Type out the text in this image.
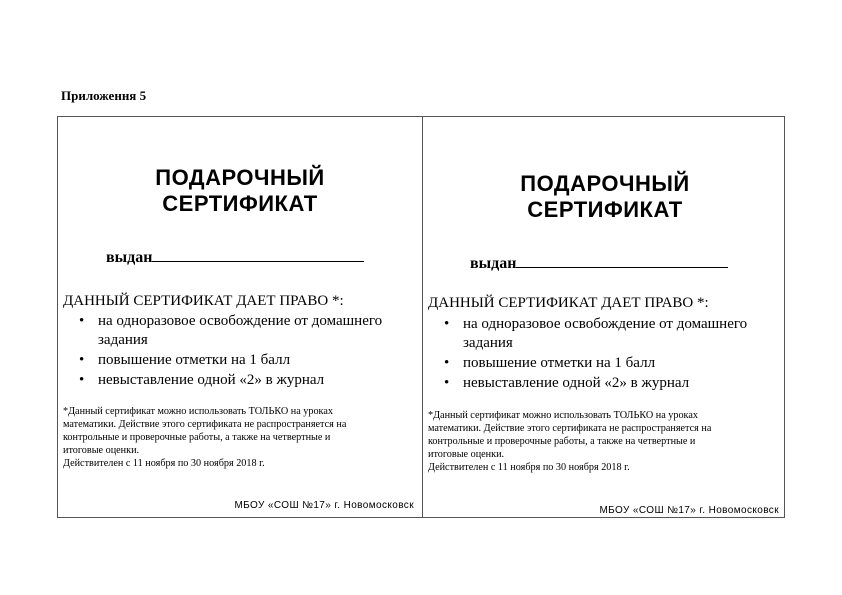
Приложення 5
ПОДАРОЧНЫЙ
СЕРТИФИКАТ
выдан
ДАННЫЙ СЕРТИФИКАТ ДАЕТ ПРАВО *:
• на одноразовое освобождение от домашнего задания
• повышение отметки на 1 балл
• невыставление одной «2» в журнал
*Данный сертификат можно использовать ТОЛЬКО на уроках
математики. Действие этого сертификата не распространяется на
контрольные и проверочные работы, а также на четвертные и
итоговые оценки.
Действителен с 11 ноября по 30 ноября 2018 г.
МБОУ «СОШ №17» г. Новомосковск
ПОДАРОЧНЫЙ
СЕРТИФИКАТ
выдан
ДАННЫЙ СЕРТИФИКАТ ДАЕТ ПРАВО *:
• на одноразовое освобождение от домашнего задания
• повышение отметки на 1 балл
• невыставление одной «2» в журнал
*Данный сертификат можно использовать ТОЛЬКО на уроках
математики. Действие этого сертификата не распространяется на
контрольные и проверочные работы, а также на четвертные и
итоговые оценки.
Действителен с 11 ноября по 30 ноября 2018 г.
МБОУ «СОШ №17» г. Новомосковск
